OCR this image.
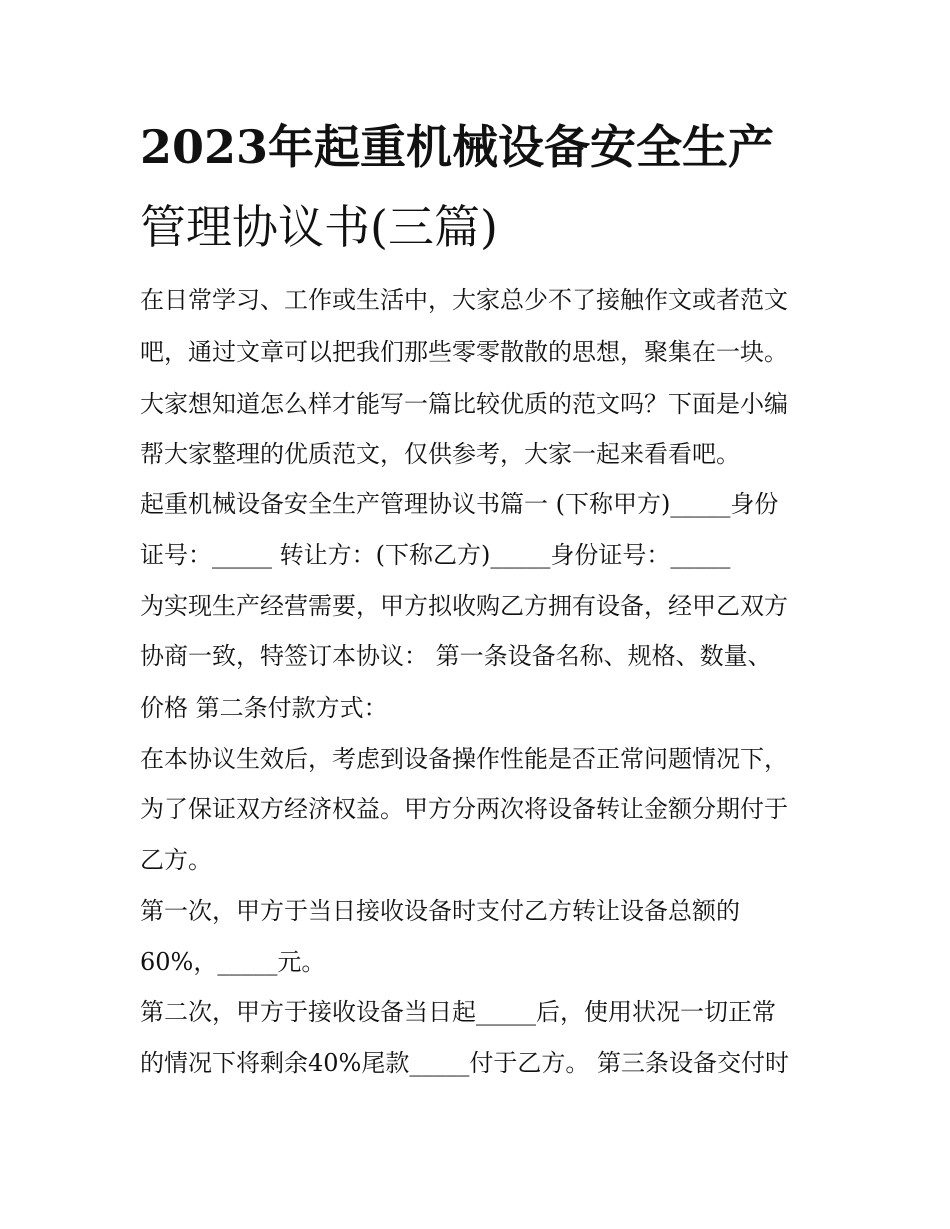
2023年起重机械设备安全生产
管理协议书(三篇)
在日常学习、工作或生活中，大家总少不了接触作文或者范文
吧，通过文章可以把我们那些零零散散的思想，聚集在一块。
大家想知道怎么样才能写一篇比较优质的范文吗？下面是小编
帮大家整理的优质范文，仅供参考，大家一起来看看吧。
起重机械设备安全生产管理协议书篇一 (下称甲方)_____身份
证号：_____ 转让方：(下称乙方)_____身份证号：_____
为实现生产经营需要，甲方拟收购乙方拥有设备，经甲乙双方
协商一致，特签订本协议： 第一条设备名称、规格、数量、
价格 第二条付款方式：
在本协议生效后，考虑到设备操作性能是否正常问题情况下，
为了保证双方经济权益。甲方分两次将设备转让金额分期付于
乙方。
第一次，甲方于当日接收设备时支付乙方转让设备总额的
60%，_____元。
第二次，甲方于接收设备当日起_____后，使用状况一切正常
的情况下将剩余40%尾款_____付于乙方。 第三条设备交付时
